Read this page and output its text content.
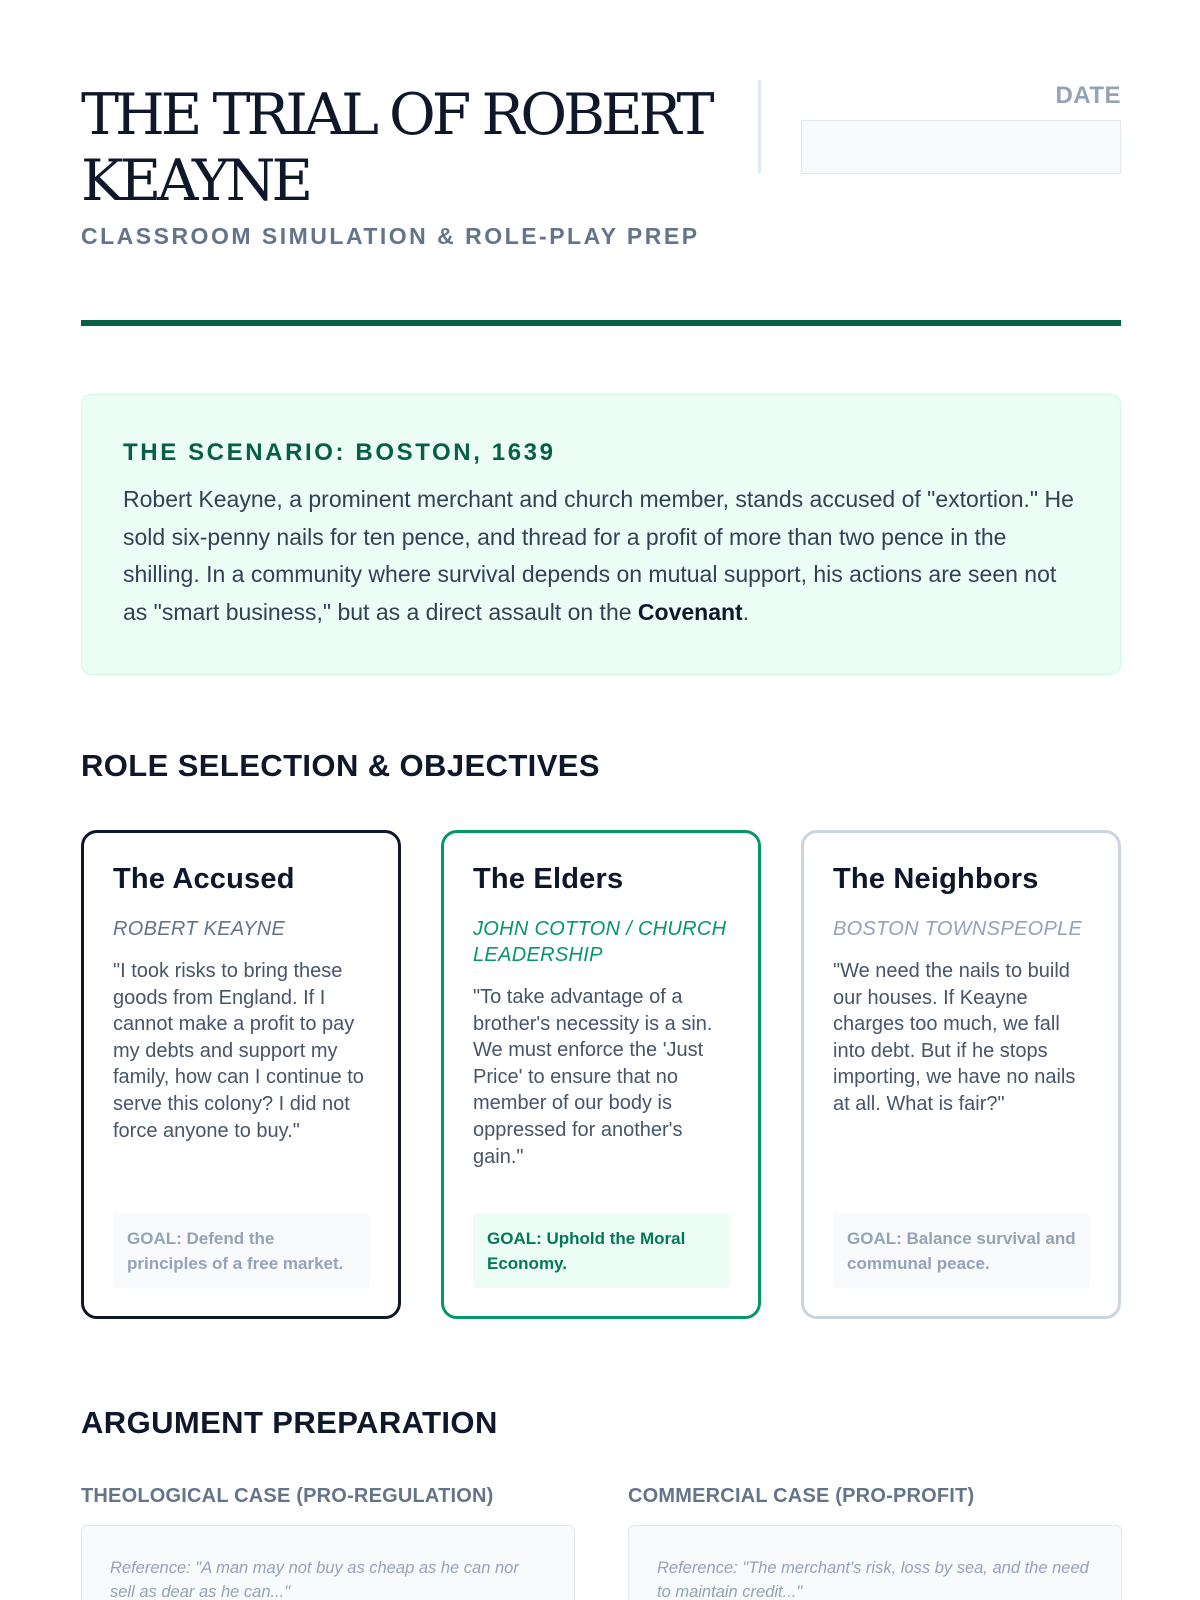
THE TRIAL OF ROBERT KEAYNE
CLASSROOM SIMULATION & ROLE-PLAY PREP
DATE
THE SCENARIO: BOSTON, 1639

Robert Keayne, a prominent merchant and church member, stands accused of "extortion." He sold six-penny nails for ten pence, and thread for a profit of more than two pence in the shilling. In a community where survival depends on mutual support, his actions are seen not as "smart business," but as a direct assault on the Covenant.

ROLE SELECTION & OBJECTIVES
The Accused
ROBERT KEAYNE

"I took risks to bring these goods from England. If I cannot make a profit to pay my debts and support my family, how can I continue to serve this colony? I did not force anyone to buy."

GOAL: Defend the principles of a free market.
The Elders
JOHN COTTON / CHURCH LEADERSHIP

"To take advantage of a brother's necessity is a sin. We must enforce the 'Just Price' to ensure that no member of our body is oppressed for another's gain."

GOAL: Uphold the Moral Economy.
The Neighbors
BOSTON TOWNSPEOPLE

"We need the nails to build our houses. If Keayne charges too much, we fall into debt. But if he stops importing, we have no nails at all. What is fair?"

GOAL: Balance survival and communal peace.
ARGUMENT PREPARATION
THEOLOGICAL CASE (PRO-REGULATION)
Reference: "A man may not buy as cheap as he can nor sell as dear as he can..."
COMMERCIAL CASE (PRO-PROFIT)
Reference: "The merchant's risk, loss by sea, and the need to maintain credit..."
